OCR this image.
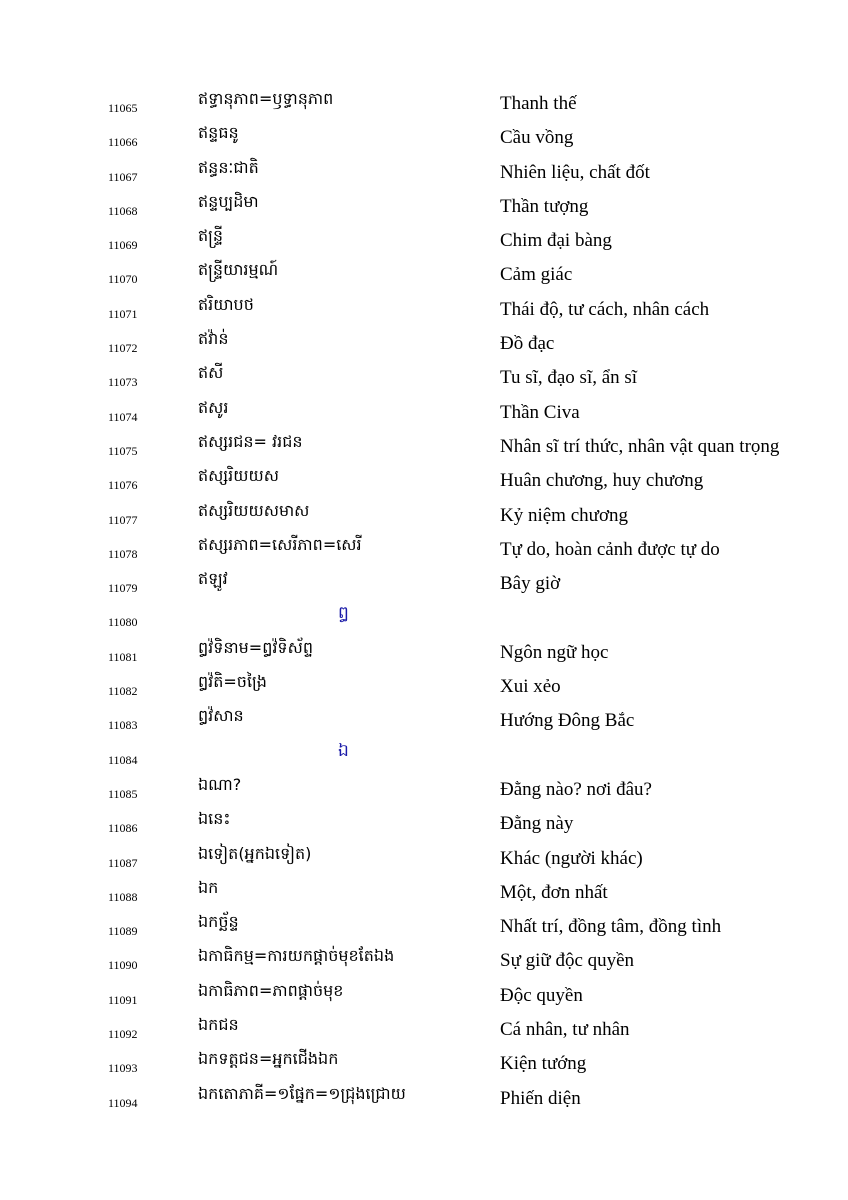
11065	ឥទ្ធានុភាព=ឫទ្ធានុភាព	Thanh thế
11066	ឥន្ទធនូ	Cầu vồng
11067	ឥន្ធនៈជាតិ	Nhiên liệu, chất đốt
11068	ឥន្ទប្បដិមា	Thần tượng
11069	ឥន្ទ្រី	Chim đại bàng
11070	ឥន្ទ្រីយារម្មណ៍	Cảm giác
11071	ឥរិយាបថ	Thái độ, tư cách, nhân cách
11072	ឥវ៉ាន់	Đồ đạc
11073	ឥសី	Tu sĩ, đạo sĩ, ẩn sĩ
11074	ឥសូរ	Thần Civa
11075	ឥស្សរជន= វរជន	Nhân sĩ trí thức, nhân vật quan trọng
11076	ឥស្សរិយយស	Huân chương, huy chương
11077	ឥស្សរិយយសមាស	Kỷ niệm chương
11078	ឥស្សរភាព=សេរីភាព=សេរី	Tự do, hoàn cảnh được tự do
11079	ឥឡូវ	Bây giờ
11080	ឰ
11081	ឰវ៉ទិនាម=ឰវ៉ទិស័ព្ទ	Ngôn ngữ học
11082	ឰវ៉តិ=ចង្រៃ	Xui xẻo
11083	ឰវ៉សាន	Hướng Đông Bắc
11084	ឯ
11085	ឯណា?	Đằng nào? nơi đâu?
11086	ឯនេះ	Đằng này
11087	ឯទៀត(អ្នកឯទៀត)	Khác (người khác)
11088	ឯក	Một, đơn nhất
11089	ឯកច្ឆ័ន្ទ	Nhất trí, đồng tâm, đồng tình
11090	ឯកាធិកម្ម=ការយកផ្ដាច់មុខតែឯង	Sự giữ độc quyền
11091	ឯកាធិភាព=ភាពផ្ដាច់មុខ	Độc quyền
11092	ឯកជន	Cá nhân, tư nhân
11093	ឯកទត្តជន=អ្នកជើងឯក	Kiện tướng
11094	ឯកតោភាគី=១ផ្នែក=១ជ្រុងជ្រោយ	Phiến diện
